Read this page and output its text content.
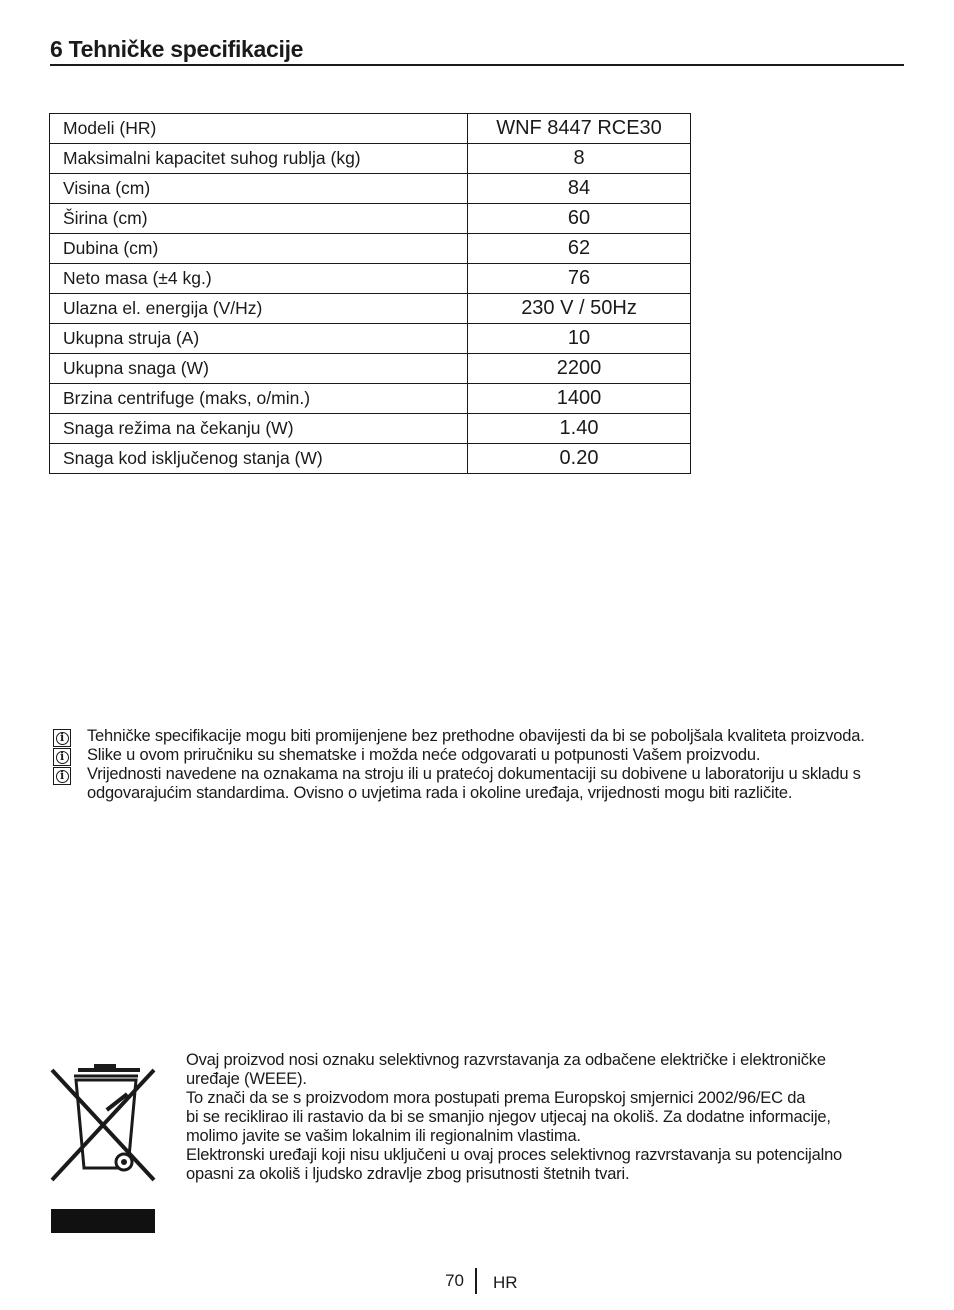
6 Tehničke specifikacije
Modeli (HR)	WNF 8447 RCE30
Maksimalni kapacitet suhog rublja (kg)	8
Visina (cm)	84
Širina (cm)	60
Dubina (cm)	62
Neto masa (±4 kg.)	76
Ulazna el. energija (V/Hz)	230 V / 50Hz
Ukupna struja (A)	10
Ukupna snaga (W)	2200
Brzina centrifuge (maks, o/min.)	1400
Snaga režima na čekanju (W)	1.40
Snaga kod isključenog stanja (W)	0.20
i
Tehničke specifikacije mogu biti promijenjene bez prethodne obavijesti da bi se poboljšala kvaliteta proizvoda.
i
Slike u ovom priručniku su shematske i možda neće odgovarati u potpunosti Vašem proizvodu.
i
Vrijednosti navedene na oznakama na stroju ili u pratećoj dokumentaciji su dobivene u laboratoriju u skladu s odgovarajućim standardima. Ovisno o uvjetima rada i okoline uređaja, vrijednosti mogu biti različite.
Ovaj proizvod nosi oznaku selektivnog razvrstavanja za odbačene električke i elektroničke
uređaje (WEEE).
To znači da se s proizvodom mora postupati prema Europskoj smjernici 2002/96/EC da
bi se reciklirao ili rastavio da bi se smanjio njegov utjecaj na okoliš. Za dodatne informacije,
molimo javite se vašim lokalnim ili regionalnim vlastima.
Elektronski uređaji koji nisu uključeni u ovaj proces selektivnog razvrstavanja su potencijalno
opasni za okoliš i ljudsko zdravlje zbog prisutnosti štetnih tvari.
70 HR
